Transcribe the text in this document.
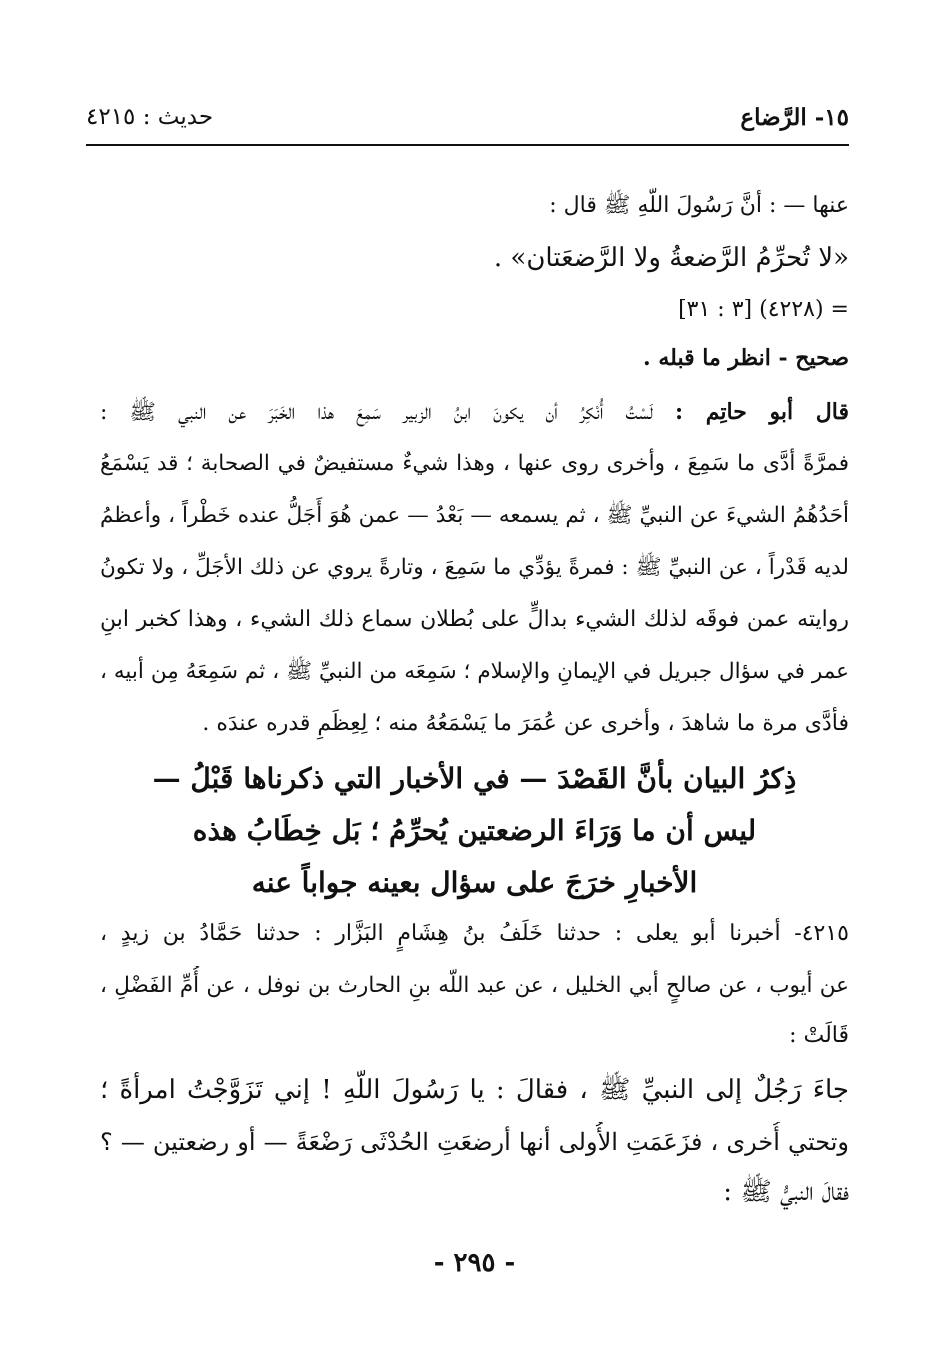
١٥- الرَّضاع
حديث : ٤٢١٥
عنها — : أنَّ رَسُولَ اللّهِ ﷺ قال :
«لا تُحرِّمُ الرَّضعةُ ولا الرَّضعَتان» .
= (٤٢٢٨) [٣ : ٣١]
صحيح - انظر ما قبله .
قال أبو حاتِم : لَسْتُ أُنْكِرُ أن يكونَ ابنُ الزبير سَمِعَ هذا الخَبَرَ عن النبي ﷺ :
فمرَّةً أدَّى ما سَمِعَ ، وأخرى روى عنها ، وهذا شيءٌ مستفيضٌ في الصحابة ؛ قد يَسْمَعُ
أحَدُهُمُ الشيءَ عن النبيِّ ﷺ ، ثم يسمعه — بَعْدُ — عمن هُوَ أَجَلُّ عنده خَطْراً ، وأعظمُ
لديه قَدْراً ، عن النبيِّ ﷺ : فمرةً يؤدِّي ما سَمِعَ ، وتارةً يروي عن ذلك الأجَلِّ ، ولا تكونُ
روايته عمن فوقَه لذلك الشيء بدالٍّ على بُطلان سماع ذلك الشيء ، وهذا كخبر ابنِ
عمر في سؤال جبريل في الإيمانِ والإسلام ؛ سَمِعَه من النبيِّ ﷺ ، ثم سَمِعَهُ مِن أبيه ،
فأدَّى مرة ما شاهدَ ، وأخرى عن عُمَرَ ما يَسْمَعُهُ منه ؛ لِعِظَمِ قدره عندَه .
ذِكرُ البيان بأنَّ القَصْدَ — في الأخبار التي ذكرناها قَبْلُ —
ليس أن ما وَرَاءَ الرضعتين يُحرِّمُ ؛ بَل خِطَابُ هذه
الأخبارِ خرَجَ على سؤال بعينه جواباً عنه
٤٢١٥- أخبرنا أبو يعلى : حدثنا خَلَفُ بنُ هِشَامٍ البَزَّار : حدثنا حَمَّادُ بن زيدٍ ،
عن أيوب ، عن صالحٍ أبي الخليل ، عن عبد اللّه بنِ الحارث بن نوفل ، عن أُمِّ الفَضْلِ ،
قَالَتْ :
جاءَ رَجُلٌ إلى النبيِّ ﷺ ، فقالَ : يا رَسُولَ اللّهِ ! إني تَزَوَّجْتُ امرأةً ؛
وتحتي أُخرى ، فزَعَمَتِ الأُولى أنها أرضعَتِ الحُدْثَى رَضْعَةً — أو رضعتين — ؟
فقالَ النبيُّ ﷺ :
- ٢٩٥ -
